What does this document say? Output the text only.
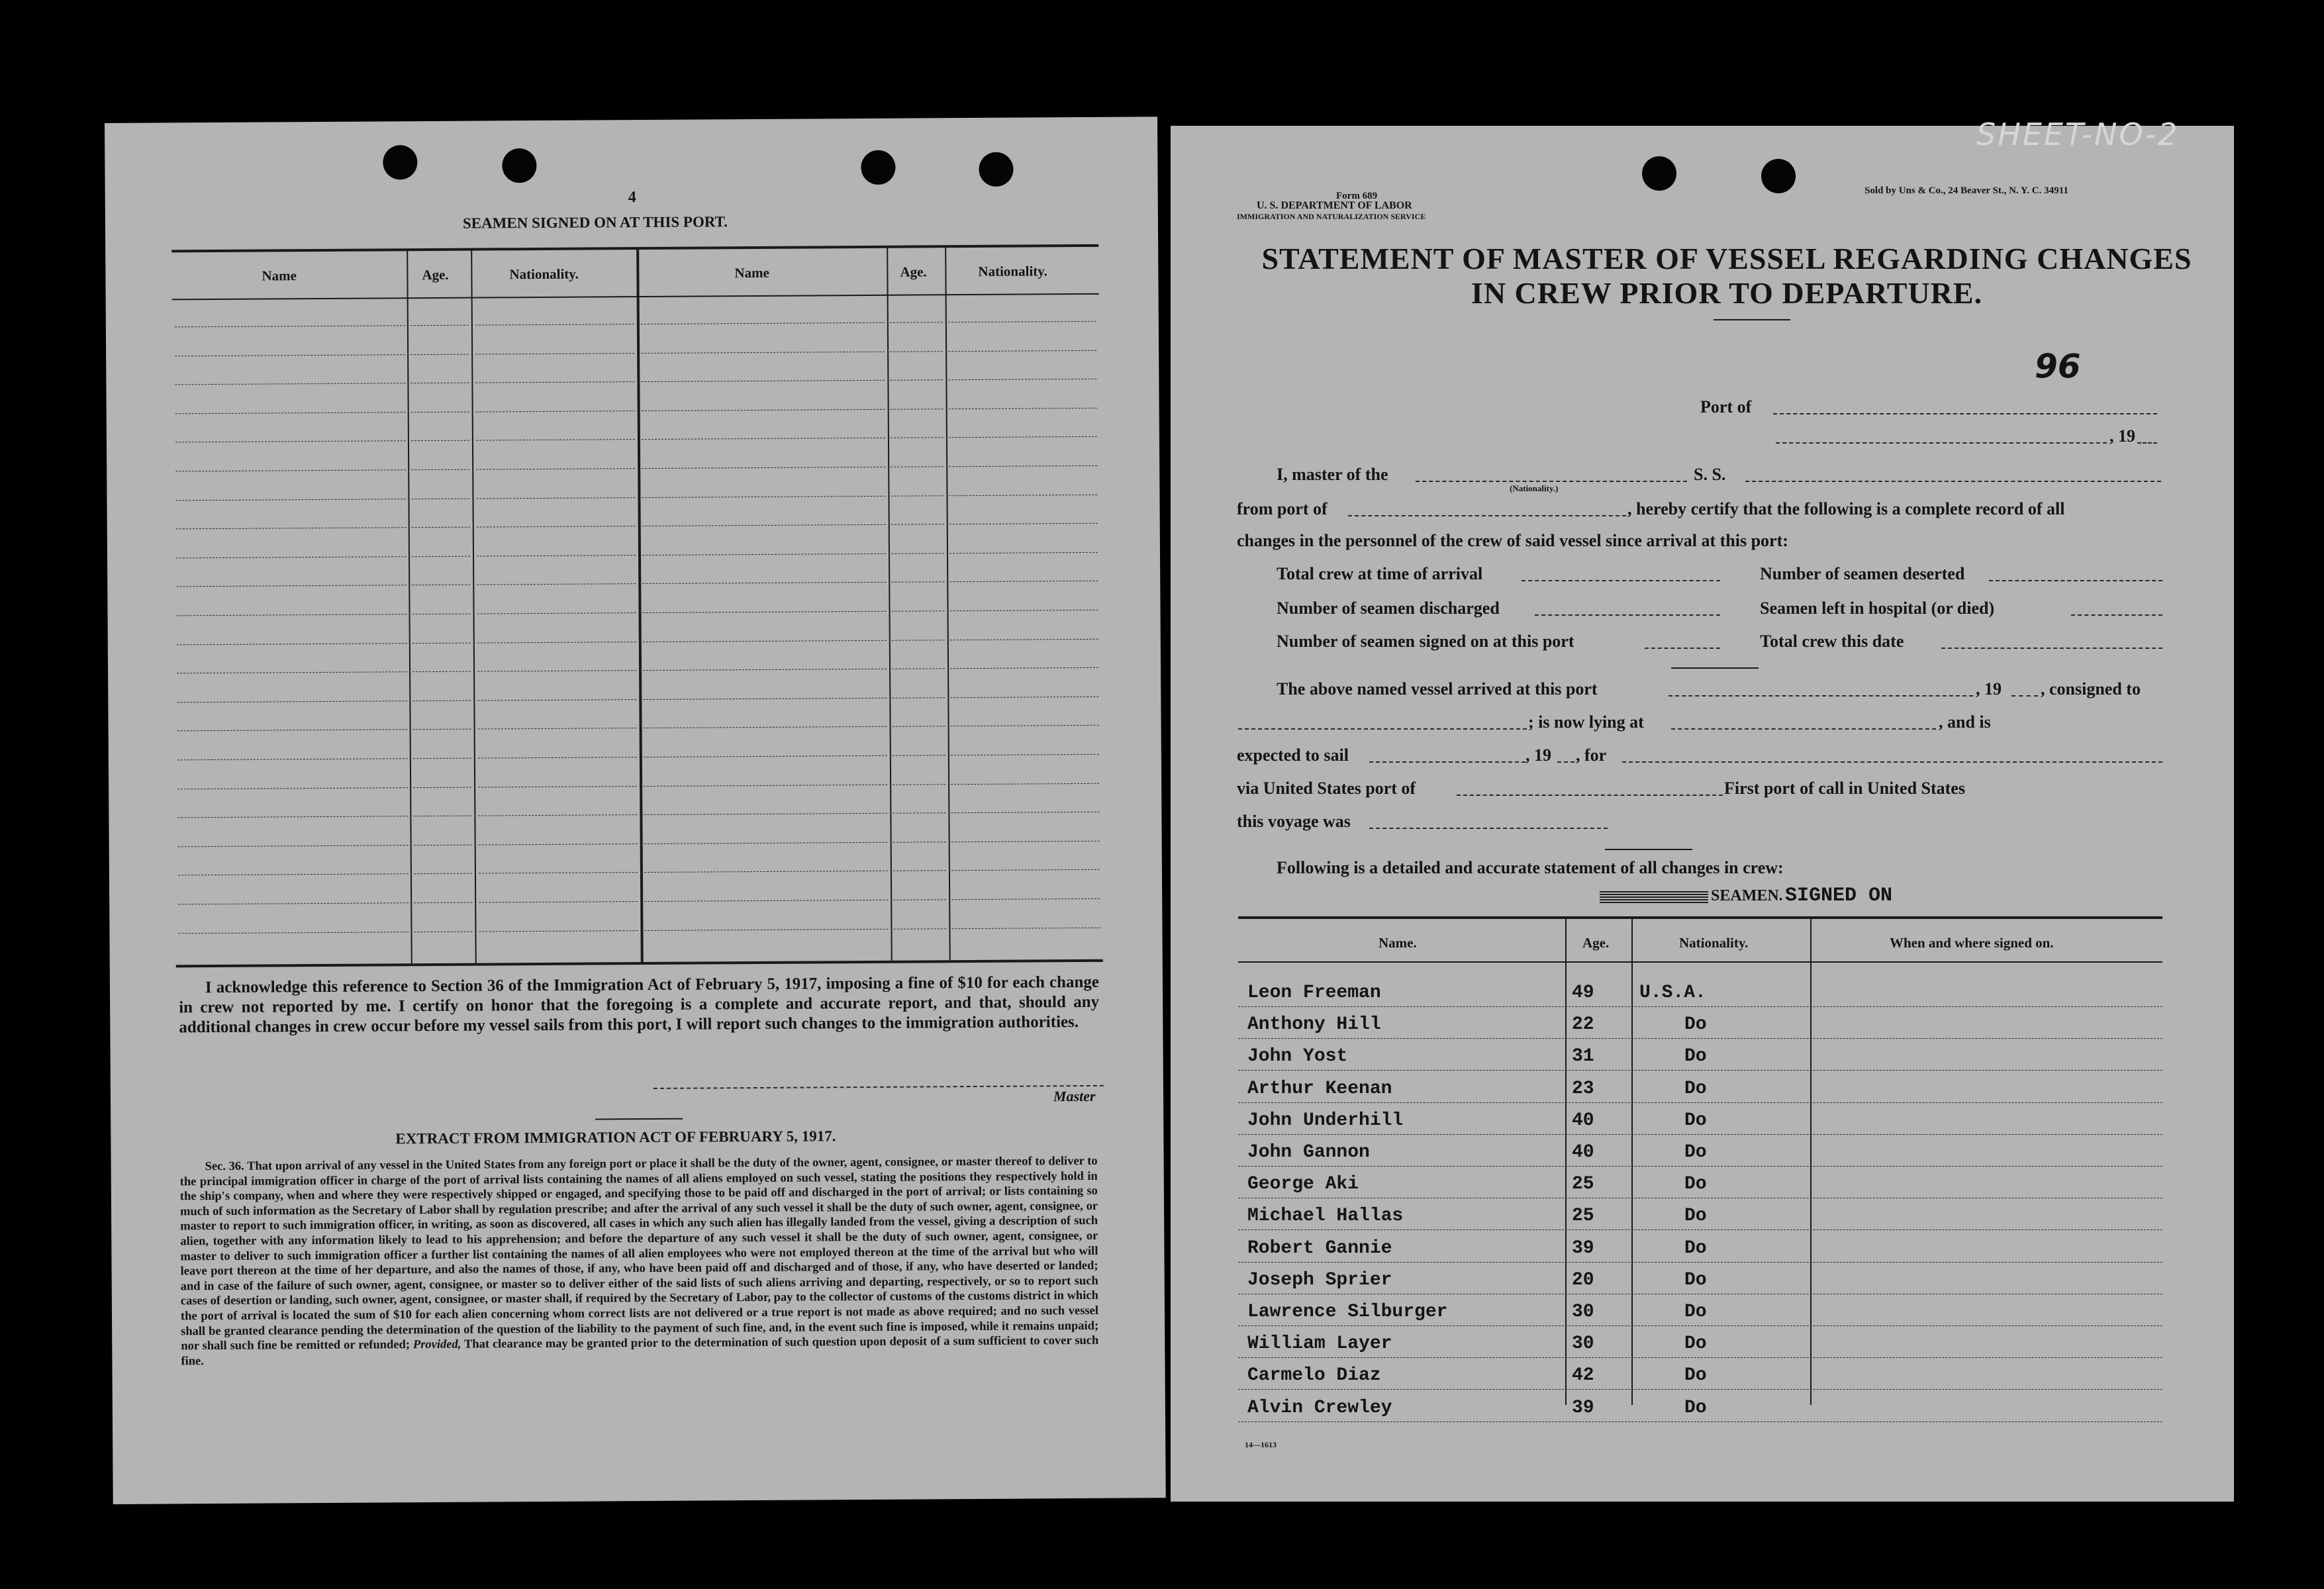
4
SEAMEN SIGNED ON AT THIS PORT.
Name	Age.	Nationality.	Name	Age.	Nationality.
I acknowledge this reference to Section 36 of the Immigration Act of February 5, 1917, imposing a fine of $10 for each change in crew not reported by me. I certify on honor that the foregoing is a complete and accurate report, and that, should any additional changes in crew occur before my vessel sails from this port, I will report such changes to the immigration authorities.
Master
EXTRACT FROM IMMIGRATION ACT OF FEBRUARY 5, 1917.
Sec. 36. That upon arrival of any vessel in the United States from any foreign port or place it shall be the duty of the owner, agent, consignee, or master thereof to deliver to the principal immigration officer in charge of the port of arrival lists containing the names of all aliens employed on such vessel, stating the positions they respectively hold in the ship's company, when and where they were respectively shipped or engaged, and specifying those to be paid off and discharged in the port of arrival; or lists containing so much of such information as the Secretary of Labor shall by regulation prescribe; and after the arrival of any such vessel it shall be the duty of such owner, agent, consignee, or master to report to such immigration officer, in writing, as soon as discovered, all cases in which any such alien has illegally landed from the vessel, giving a description of such alien, together with any information likely to lead to his apprehension; and before the departure of any such vessel it shall be the duty of such owner, agent, consignee, or master to deliver to such immigration officer a further list containing the names of all alien employees who were not employed thereon at the time of the arrival but who will leave port thereon at the time of her departure, and also the names of those, if any, who have been paid off and discharged and of those, if any, who have deserted or landed; and in case of the failure of such owner, agent, consignee, or master so to deliver either of the said lists of such aliens arriving and departing, respectively, or so to report such cases of desertion or landing, such owner, agent, consignee, or master shall, if required by the Secretary of Labor, pay to the collector of customs of the customs district in which the port of arrival is located the sum of $10 for each alien concerning whom correct lists are not delivered or a true report is not made as above required; and no such vessel shall be granted clearance pending the determination of the question of the liability to the payment of such fine, and, in the event such fine is imposed, while it remains unpaid; nor shall such fine be remitted or refunded; Provided, That clearance may be granted prior to the determination of such question upon deposit of a sum sufficient to cover such fine.
Form 689
U. S. DEPARTMENT OF LABOR
IMMIGRATION AND NATURALIZATION SERVICE
Sold by Uns & Co., 24 Beaver St., N. Y. C. 34911
STATEMENT OF MASTER OF VESSEL REGARDING CHANGES
IN CREW PRIOR TO DEPARTURE.
96
Port of
, 19
I, master of the
(Nationality.)
S. S.
from port of	, hereby certify that the following is a complete record of all
changes in the personnel of the crew of said vessel since arrival at this port:
Total crew at time of arrival	Number of seamen deserted
Number of seamen discharged	Seamen left in hospital (or died)
Number of seamen signed on at this port	Total crew this date
The above named vessel arrived at this port	, 19 , consigned to
; is now lying at	, and is
expected to sail	, 19 , for
via United States port of	First port of call in United States
this voyage was
Following is a detailed and accurate statement of all changes in crew:
SEAMEN. SIGNED ON
Name.	Age.	Nationality.	When and where signed on.
Leon Freeman	49 U.S.A.
Anthony Hill	22	Do
John Yost	31	Do
Arthur Keenan	23	Do
John Underhill	40	Do
John Gannon	40	Do
George Aki	25	Do
Michael Hallas	25	Do
Robert Gannie	39	Do
Joseph Sprier	20	Do
Lawrence Silburger	30	Do
William Layer	30	Do
Carmelo Diaz	42	Do
Alvin Crewley	39	Do
14—1613
SHEET-NO-2
